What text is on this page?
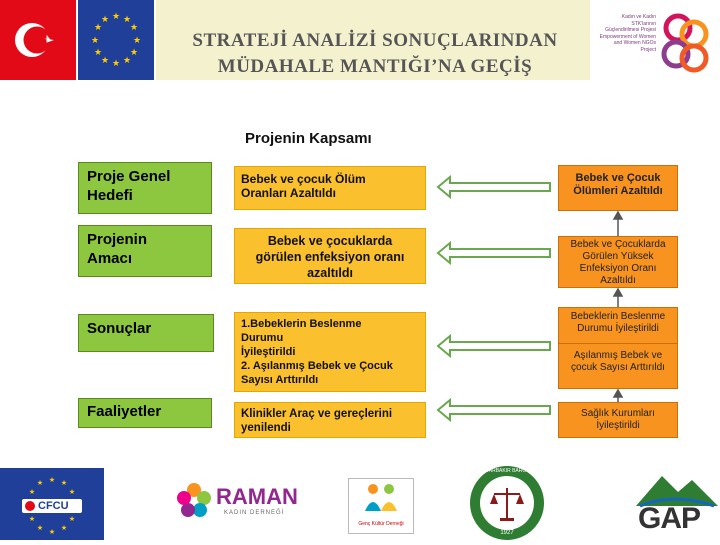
★ ★
★
★
★
★
★
★
★
★
★
★
STRATEJİ ANALİZİ SONUÇLARINDAN
MÜDAHALE MANTIĞI’NA GEÇİŞ
Kadın ve Kadın STK'larının Güçlendirilmesi Projesi Empowerment of Women and Women NGOs Project
Projenin Kapsamı
Proje Genel
Hedefi
Bebek ve çocuk Ölüm
Oranları Azaltıldı
Bebek ve Çocuk Ölümleri Azaltıldı
Projenin
Amacı
Bebek ve çocuklarda
görülen enfeksiyon oranı
azaltıldı
Bebek ve Çocuklarda Görülen Yüksek Enfeksiyon Oranı Azaltıldı
Sonuçlar	1.Bebeklerin Beslenme
Durumu
İyileştirildi
2. Aşılanmış Bebek ve Çocuk
Sayısı Arttırıldı
Bebeklerin Beslenme Durumu İyileştirildi
Aşılanmış Bebek ve çocuk Sayısı Arttırıldı
Faaliyetler	Klinikler Araç ve gereçlerini
yenilendi
Sağlık Kurumları İyileştirildi
★ ★
★
★
★
★
★
★
★
★
CFCU	RAMAN
KADIN DERNEĞİ
Genç Kültür Derneği
DİYARBAKIR BAROSU
1927	GAP
